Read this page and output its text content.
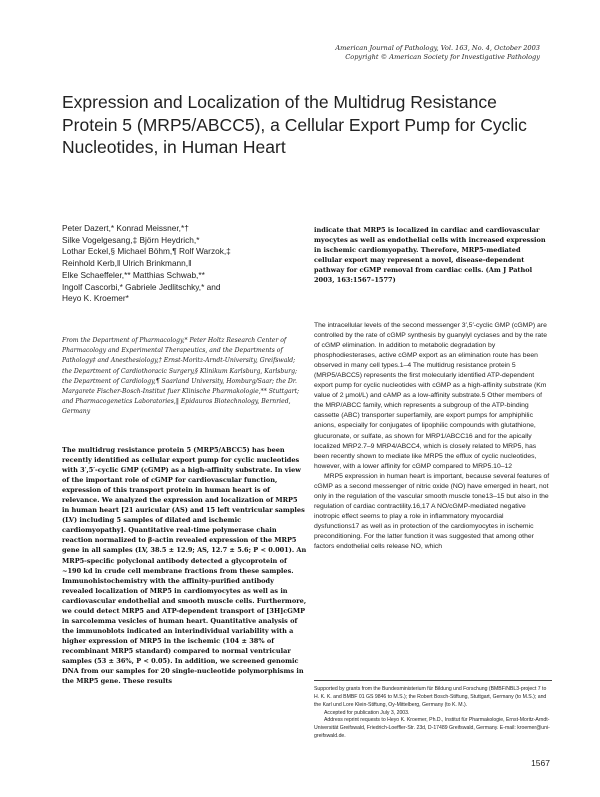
American Journal of Pathology, Vol. 163, No. 4, October 2003
Copyright © American Society for Investigative Pathology
Expression and Localization of the Multidrug Resistance Protein 5 (MRP5/ABCC5), a Cellular Export Pump for Cyclic Nucleotides, in Human Heart
Peter Dazert,* Konrad Meissner,*†
Silke Vogelgesang,‡ Björn Heydrich,*
Lothar Eckel,§ Michael Böhm,¶ Rolf Warzok,‡
Reinhold Kerb,‖ Ulrich Brinkmann,‖
Elke Schaeffeler,** Matthias Schwab,**
Ingolf Cascorbi,* Gabriele Jedlitschky,* and
Heyo K. Kroemer*

From the Department of Pharmacology,* Peter Holtz Research Center of Pharmacology and Experimental Therapeutics, and the Departments of Pathology‡ and Anesthesiology,† Ernst-Moritz-Arndt-University, Greifswald; the Department of Cardiothoracic Surgery,§ Klinikum Karlsburg, Karlsburg; the Department of Cardiology,¶ Saarland University, Homburg/Saar; the Dr. Margarete Fischer-Bosch-Institut fuer Klinische Pharmakologie,** Stuttgart; and Pharmacogenetics Laboratories,‖ Epidauros Biotechnology, Bernried, Germany

The multidrug resistance protein 5 (MRP5/ABCC5) has been recently identified as cellular export pump for cyclic nucleotides with 3′,5′-cyclic GMP (cGMP) as a high-affinity substrate. In view of the important role of cGMP for cardiovascular function, expression of this transport protein in human heart is of relevance. We analyzed the expression and localization of MRP5 in human heart [21 auricular (AS) and 15 left ventricular samples (LV) including 5 samples of dilated and ischemic cardiomyopathy]. Quantitative real-time polymerase chain reaction normalized to β-actin revealed expression of the MRP5 gene in all samples (LV, 38.5 ± 12.9; AS, 12.7 ± 5.6; P < 0.001). An MRP5-specific polyclonal antibody detected a glycoprotein of ~190 kd in crude cell membrane fractions from these samples. Immunohistochemistry with the affinity-purified antibody revealed localization of MRP5 in cardiomyocytes as well as in cardiovascular endothelial and smooth muscle cells. Furthermore, we could detect MRP5 and ATP-dependent transport of [3H]cGMP in sarcolemma vesicles of human heart. Quantitative analysis of the immunoblots indicated an interindividual variability with a higher expression of MRP5 in the ischemic (104 ± 38% of recombinant MRP5 standard) compared to normal ventricular samples (53 ± 36%, P < 0.05). In addition, we screened genomic DNA from our samples for 20 single-nucleotide polymorphisms in the MRP5 gene. These results

indicate that MRP5 is localized in cardiac and cardiovascular myocytes as well as endothelial cells with increased expression in ischemic cardiomyopathy. Therefore, MRP5-mediated cellular export may represent a novel, disease-dependent pathway for cGMP removal from cardiac cells. (Am J Pathol 2003, 163:1567–1577)

The intracellular levels of the second messenger 3′,5′-cyclic GMP (cGMP) are controlled by the rate of cGMP synthesis by guanylyl cyclases and by the rate of cGMP elimination. In addition to metabolic degradation by phosphodiesterases, active cGMP export as an elimination route has been observed in many cell types.1–4 The multidrug resistance protein 5 (MRP5/ABCC5) represents the first molecularly identified ATP-dependent export pump for cyclic nucleotides with cGMP as a high-affinity substrate (Km value of 2 µmol/L) and cAMP as a low-affinity substrate.5 Other members of the MRP/ABCC family, which represents a subgroup of the ATP-binding cassette (ABC) transporter superfamily, are export pumps for amphiphilic anions, especially for conjugates of lipophilic compounds with glutathione, glucuronate, or sulfate, as shown for MRP1/ABCC16 and for the apically localized MRP2.7–9 MRP4/ABCC4, which is closely related to MRP5, has been recently shown to mediate like MRP5 the efflux of cyclic nucleotides, however, with a lower affinity for cGMP compared to MRP5.10–12

MRP5 expression in human heart is important, because several features of cGMP as a second messenger of nitric oxide (NO) have emerged in heart, not only in the regulation of the vascular smooth muscle tone13–15 but also in the regulation of cardiac contractility.16,17 A NO/cGMP-mediated negative inotropic effect seems to play a role in inflammatory myocardial dysfunctions17 as well as in protection of the cardiomyocytes in ischemic preconditioning. For the latter function it was suggested that among other factors endothelial cells release NO, which

Supported by grants from the Bundesministerium für Bildung und Forschung (BMBF/NBL3-project 7 to H. K. K. and BMBF 01 GS 9846 to M.S.); the Robert Bosch-Stiftung, Stuttgart, Germany (to M.S.); and the Karl und Lore Klein-Stiftung, Oy-Mittelberg, Germany (to K. M.).

Accepted for publication July 3, 2003.

Address reprint requests to Heyo K. Kroemer, Ph.D., Institut für Pharmakologie, Ernst-Moritz-Arndt-Universität Greifswald, Friedrich-Loeffler-Str. 23d, D-17489 Greifswald, Germany. E-mail: kroemer@uni-greifswald.de.

1567
